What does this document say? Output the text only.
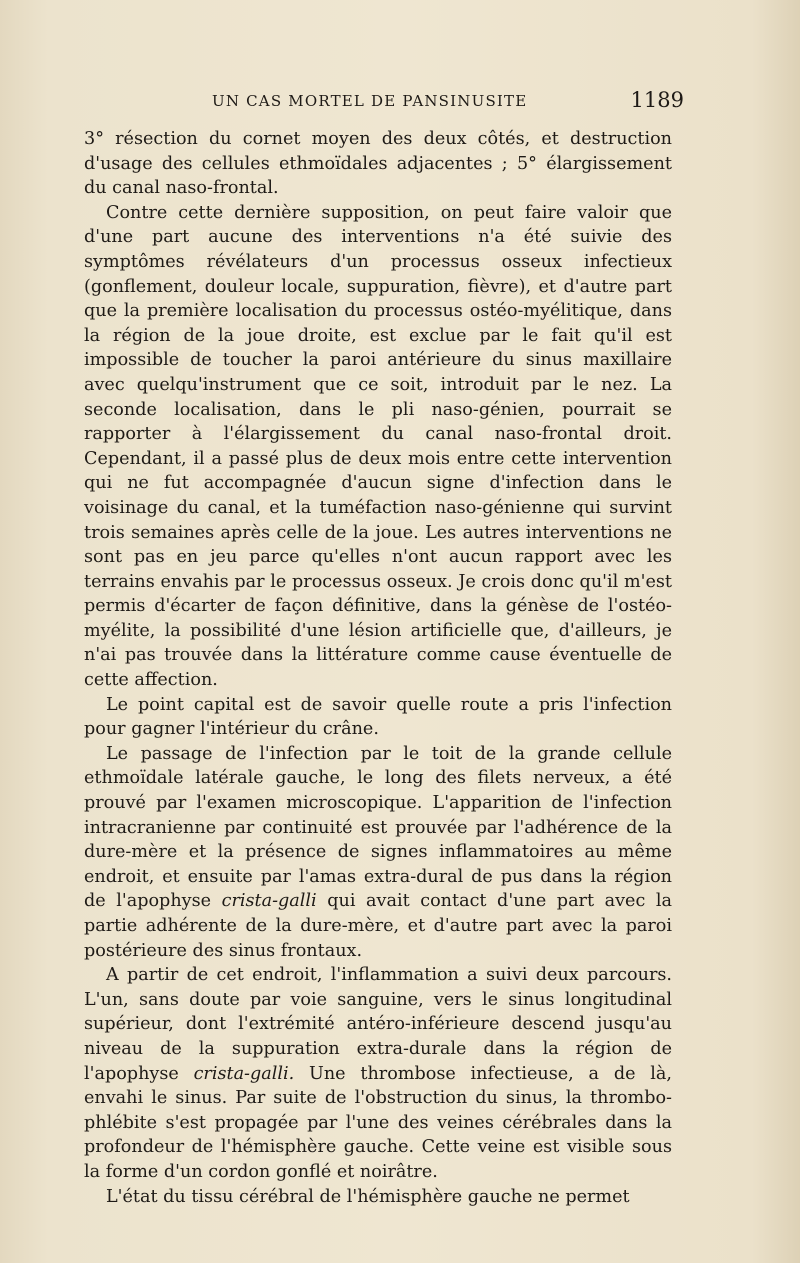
UN CAS MORTEL DE PANSINUSITE	1189

3° résection du cornet moyen des deux côtés, et destruction d'usage des cellules ethmoïdales adjacentes ; 5° élargissement du canal naso-frontal.

Contre cette dernière supposition, on peut faire valoir que d'une part aucune des interventions n'a été suivie des symptômes révélateurs d'un processus osseux infectieux (gonflement, douleur locale, suppuration, fièvre), et d'autre part que la première localisation du processus ostéo-myélitique, dans la région de la joue droite, est exclue par le fait qu'il est impossible de toucher la paroi antérieure du sinus maxillaire avec quelqu'instrument que ce soit, introduit par le nez. La seconde localisation, dans le pli naso-génien, pourrait se rapporter à l'élargissement du canal naso-frontal droit. Cependant, il a passé plus de deux mois entre cette intervention qui ne fut accompagnée d'aucun signe d'infection dans le voisinage du canal, et la tuméfaction naso-génienne qui survint trois semaines après celle de la joue. Les autres interventions ne sont pas en jeu parce qu'elles n'ont aucun rapport avec les terrains envahis par le processus osseux. Je crois donc qu'il m'est permis d'écarter de façon définitive, dans la génèse de l'ostéo-myélite, la possibilité d'une lésion artificielle que, d'ailleurs, je n'ai pas trouvée dans la littérature comme cause éventuelle de cette affection.

Le point capital est de savoir quelle route a pris l'infection pour gagner l'intérieur du crâne.

Le passage de l'infection par le toit de la grande cellule ethmoïdale latérale gauche, le long des filets nerveux, a été prouvé par l'examen microscopique. L'apparition de l'infection intracranienne par continuité est prouvée par l'adhérence de la dure-mère et la présence de signes inflammatoires au même endroit, et ensuite par l'amas extra-dural de pus dans la région de l'apophyse crista-galli qui avait contact d'une part avec la partie adhérente de la dure-mère, et d'autre part avec la paroi postérieure des sinus frontaux.

A partir de cet endroit, l'inflammation a suivi deux parcours. L'un, sans doute par voie sanguine, vers le sinus longitudinal supérieur, dont l'extrémité antéro-inférieure descend jusqu'au niveau de la suppuration extra-durale dans la région de l'apophyse crista-galli. Une thrombose infectieuse, a de là, envahi le sinus. Par suite de l'obstruction du sinus, la thrombo- phlébite s'est propagée par l'une des veines cérébrales dans la profondeur de l'hémisphère gauche. Cette veine est visible sous la forme d'un cordon gonflé et noirâtre.

L'état du tissu cérébral de l'hémisphère gauche ne permet
